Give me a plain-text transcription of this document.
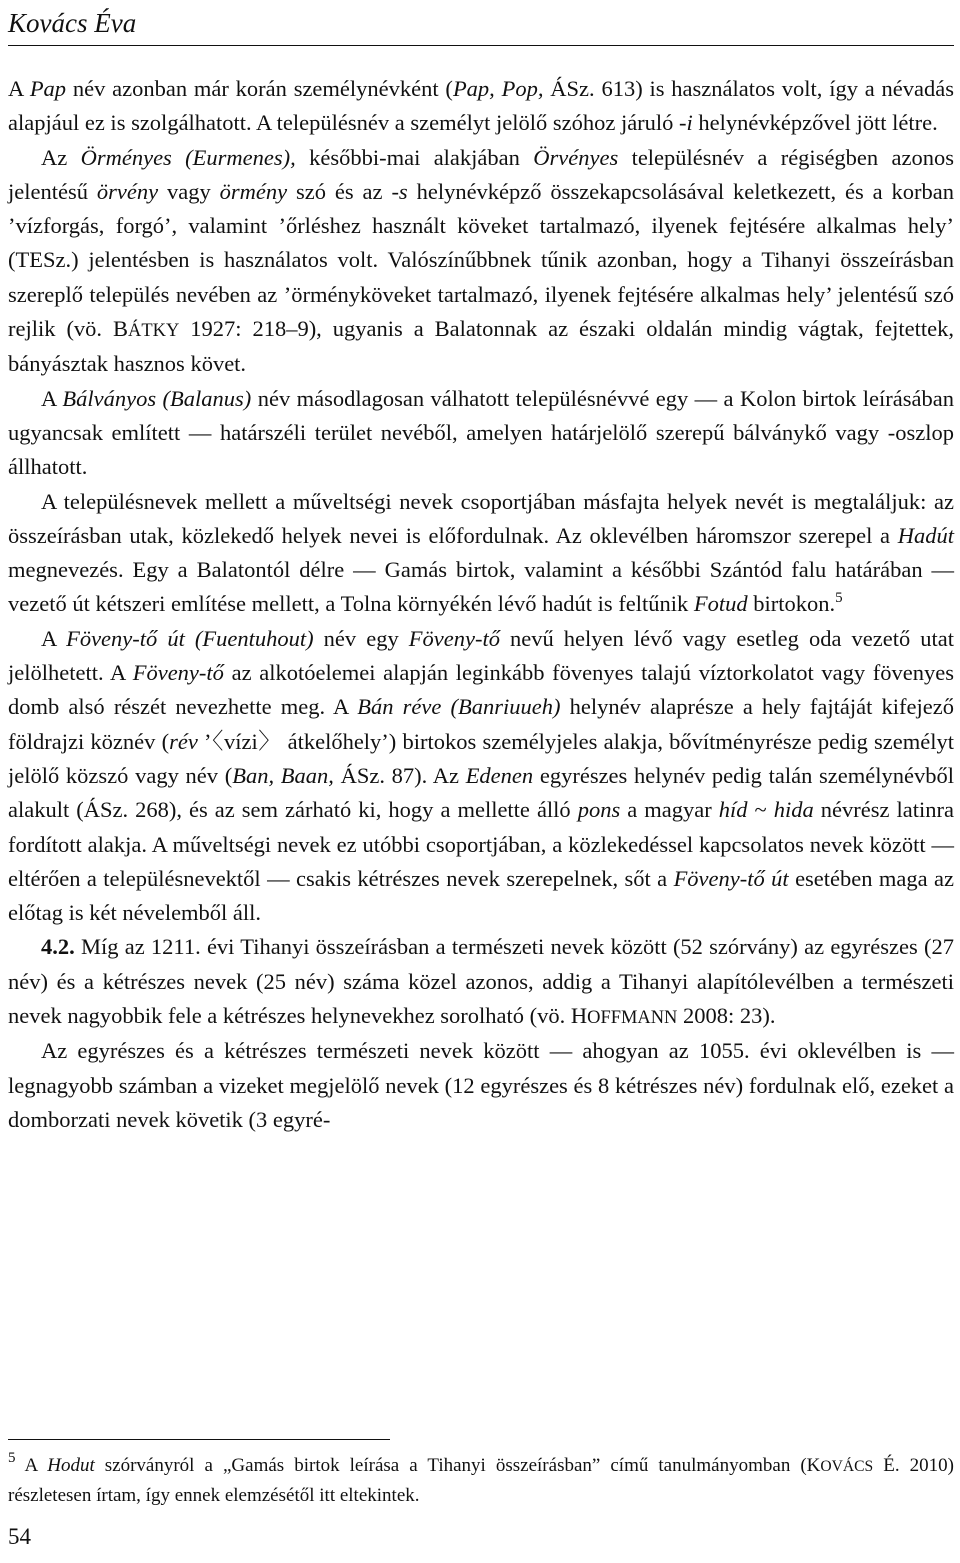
Kovács Éva

A Pap név azonban már korán személynévként (Pap, Pop, ÁSz. 613) is használatos volt, így a névadás alapjául ez is szolgálhatott. A településnév a személyt jelölő szóhoz járuló -i helynévképzővel jött létre.

Az Örményes (Eurmenes), későbbi-mai alakjában Örvényes településnév a régiségben azonos jelentésű örvény vagy örmény szó és az -s helynévképző összekapcsolásával keletkezett, és a korban ’vízforgás, forgó’, valamint ’őrléshez használt köveket tartalmazó, ilyenek fejtésére alkalmas hely’ (TESz.) jelentésben is használatos volt. Valószínűbbnek tűnik azonban, hogy a Tihanyi összeírásban szereplő település nevében az ’örményköveket tartalmazó, ilyenek fejtésére alkalmas hely’ jelentésű szó rejlik (vö. BÁTKY 1927: 218–9), ugyanis a Balatonnak az északi oldalán mindig vágtak, fejtettek, bányásztak hasznos követ.

A Bálványos (Balanus) név másodlagosan válhatott településnévvé egy — a Kolon birtok leírásában ugyancsak említett — határszéli terület nevéből, amelyen határjelölő szerepű bálványkő vagy -oszlop állhatott.

A településnevek mellett a műveltségi nevek csoportjában másfajta helyek nevét is megtaláljuk: az összeírásban utak, közlekedő helyek nevei is előfordulnak. Az oklevélben háromszor szerepel a Hadút megnevezés. Egy a Balatontól délre — Gamás birtok, valamint a későbbi Szántód falu határában — vezető út kétszeri említése mellett, a Tolna környékén lévő hadút is feltűnik Fotud birtokon.$^5$

A Föveny-tő út (Fuentuhout) név egy Föveny-tő nevű helyen lévő vagy esetleg oda vezető utat jelölhetett. A Föveny-tő az alkotóelemei alapján leginkább fövenyes talajú víztorkolatot vagy fövenyes domb alsó részét nevezhette meg. A Bán réve (Banriuueh) helynév alaprésze a hely fajtáját kifejező földrajzi köznév (rév ’〈vízi〉 átkelőhely’) birtokos személyjeles alakja, bővítményrésze pedig személyt jelölő közszó vagy név (Ban, Baan, ÁSz. 87). Az Edenen egyrészes helynév pedig talán személynévből alakult (ÁSz. 268), és az sem zárható ki, hogy a mellette álló pons a magyar híd ~ hida névrész latinra fordított alakja. A műveltségi nevek ez utóbbi csoportjában, a közlekedéssel kapcsolatos nevek között — eltérően a településnevektől — csakis kétrészes nevek szerepelnek, sőt a Föveny-tő út esetében maga az előtag is két névelemből áll.

4.2. Míg az 1211. évi Tihanyi összeírásban a természeti nevek között (52 szórvány) az egyrészes (27 név) és a kétrészes nevek (25 név) száma közel azonos, addig a Tihanyi alapítólevélben a természeti nevek nagyobbik fele a kétrészes helynevekhez sorolható (vö. HOFFMANN 2008: 23).

Az egyrészes és a kétrészes természeti nevek között — ahogyan az 1055. évi oklevélben is — legnagyobb számban a vizeket megjelölő nevek (12 egyrészes és 8 kétrészes név) fordulnak elő, ezeket a domborzati nevek követik (3 egyré-

$^5$ A Hodut szórványról a „Gamás birtok leírása a Tihanyi összeírásban” című tanulmányomban (KOVÁCS É. 2010) részletesen írtam, így ennek elemzésétől itt eltekintek.

54
